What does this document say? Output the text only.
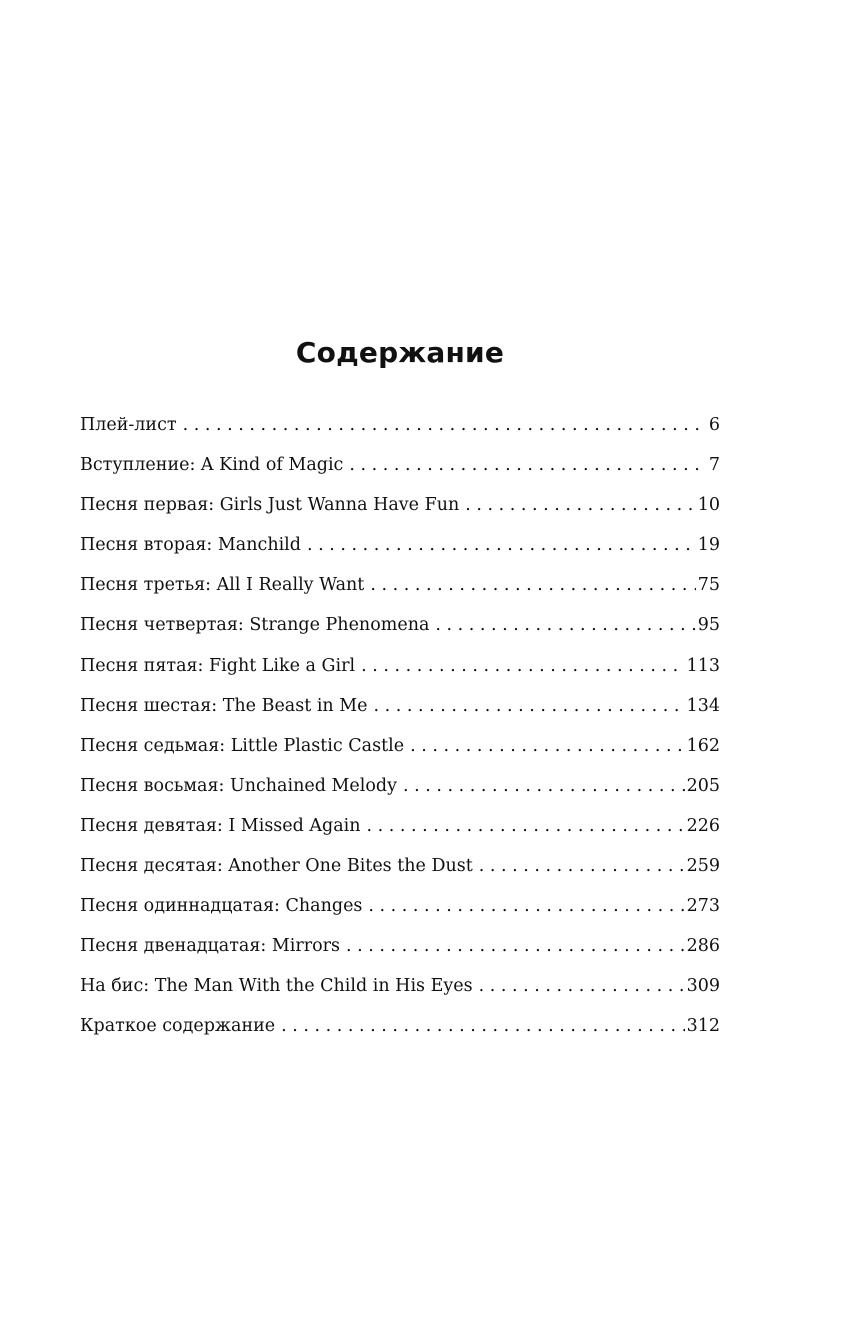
Содержание
Плей-лист . . .	6
Вступление: A Kind of Magic . . .	7
Песня первая: Girls Just Wanna Have Fun . . .	10
Песня вторая: Manchild . . .	19
Песня третья: All I Really Want . . .	75
Песня четвертая: Strange Phenomena . . .	95
Песня пятая: Fight Like a Girl . . .	113
Песня шестая: The Beast in Me . . .	134
Песня седьмая: Little Plastic Castle . . .	162
Песня восьмая: Unchained Melody . . .	205
Песня девятая: I Missed Again . . .	226
Песня десятая: Another One Bites the Dust . . .	259
Песня одиннадцатая: Changes . . .	273
Песня двенадцатая: Mirrors . . .	286
На бис: The Man With the Child in His Eyes . . .	309
Краткое содержание . . .	312
